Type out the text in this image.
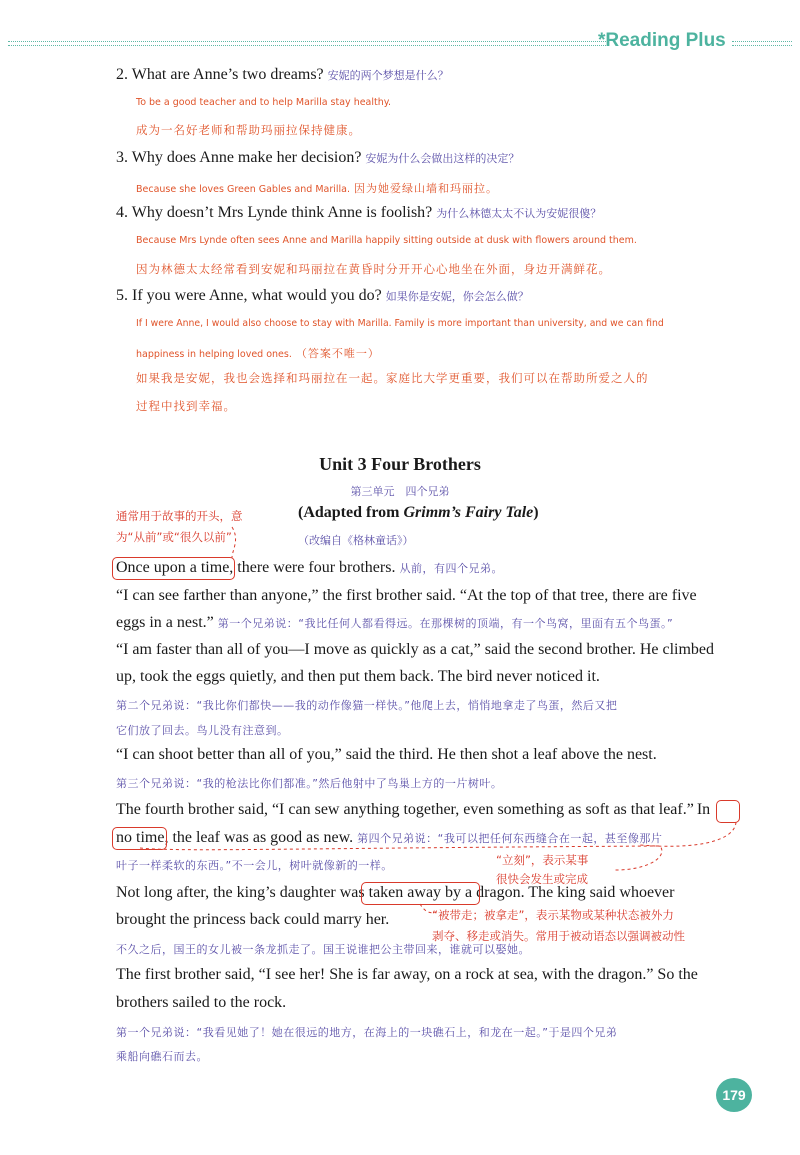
*Reading Plus
2. What are Anne’s two dreams? 安妮的两个梦想是什么？
To be a good teacher and to help Marilla stay healthy.
成为一名好老师和帮助玛丽拉保持健康。
3. Why does Anne make her decision? 安妮为什么会做出这样的决定？
Because she loves Green Gables and Marilla. 因为她爱绿山墙和玛丽拉。
4. Why doesn’t Mrs Lynde think Anne is foolish? 为什么林德太太不认为安妮很傻？
Because Mrs Lynde often sees Anne and Marilla happily sitting outside at dusk with flowers around them.
因为林德太太经常看到安妮和玛丽拉在黄昏时分开开心心地坐在外面，身边开满鲜花。
5. If you were Anne, what would you do? 如果你是安妮，你会怎么做？
If I were Anne, I would also choose to stay with Marilla. Family is more important than university, and we can find
happiness in helping loved ones. （答案不唯一）
如果我是安妮，我也会选择和玛丽拉在一起。家庭比大学更重要，我们可以在帮助所爱之人的
过程中找到幸福。
Unit 3 Four Brothers
第三单元　四个兄弟
(Adapted from Grimm’s Fairy Tale)
（改编自《格林童话》）
通常用于故事的开头，意
为“从前”或“很久以前”
Once upon a time, there were four brothers. 从前，有四个兄弟。
“I can see farther than anyone,” the first brother said. “At the top of that tree, there are five
eggs in a nest.” 第一个兄弟说：“我比任何人都看得远。在那棵树的顶端，有一个鸟窝，里面有五个鸟蛋。”
“I am faster than all of you—I move as quickly as a cat,” said the second brother. He climbed
up, took the eggs quietly, and then put them back. The bird never noticed it.
第二个兄弟说：“我比你们都快——我的动作像猫一样快。”他爬上去，悄悄地拿走了鸟蛋，然后又把
它们放了回去。鸟儿没有注意到。
“I can shoot better than all of you,” said the third. He then shot a leaf above the nest.
第三个兄弟说：“我的枪法比你们都准。”然后他射中了鸟巢上方的一片树叶。
The fourth brother said, “I can sew anything together, even something as soft as that leaf.” In
no time, the leaf was as good as new. 第四个兄弟说：“我可以把任何东西缝合在一起，甚至像那片
叶子一样柔软的东西。”不一会儿，树叶就像新的一样。	“立刻”，表示某事
很快会发生或完成
Not long after, the king’s daughter was taken away by a dragon. The king said whoever
brought the princess back could marry her.	“被带走；被拿走”，表示某物或某种状态被外力
剥夺、移走或消失。常用于被动语态以强调被动性
不久之后，国王的女儿被一条龙抓走了。国王说谁把公主带回来，谁就可以娶她。
The first brother said, “I see her! She is far away, on a rock at sea, with the dragon.” So the
brothers sailed to the rock.
第一个兄弟说：“我看见她了！她在很远的地方，在海上的一块礁石上，和龙在一起。”于是四个兄弟
乘船向礁石而去。
179
